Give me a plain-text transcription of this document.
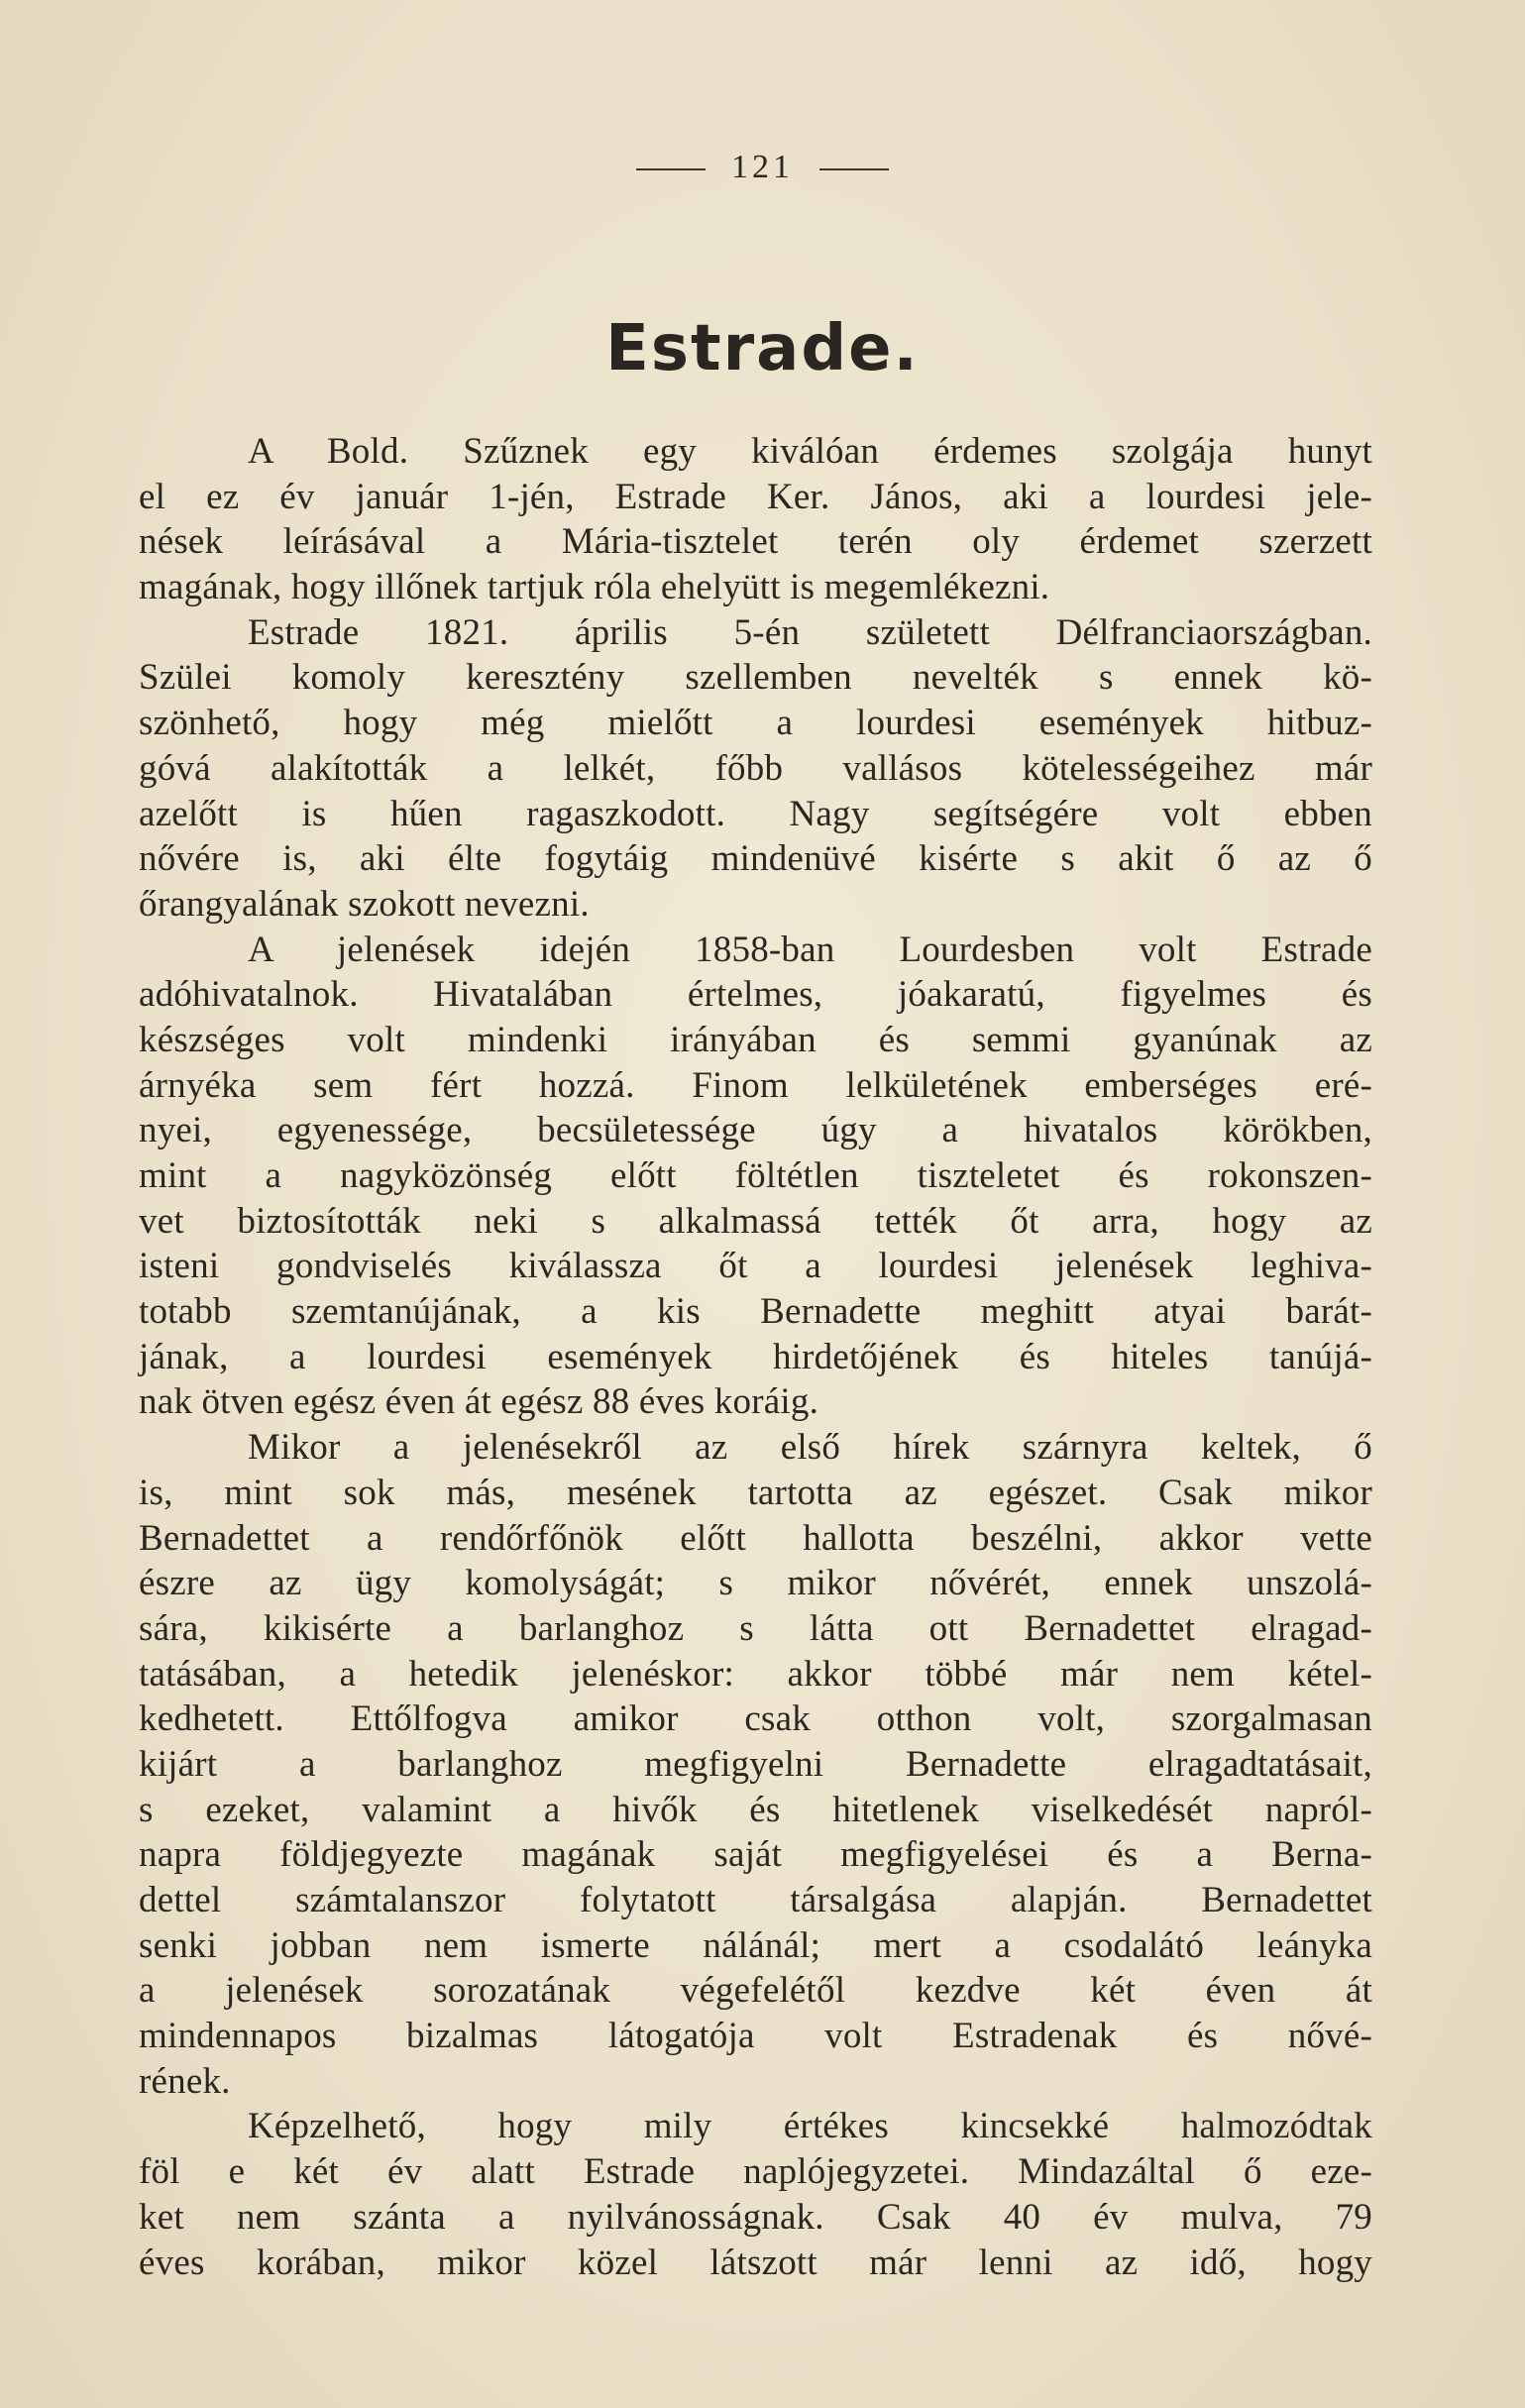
121
Estrade.
A Bold. Szűznek egy kiválóan érdemes szolgája hunyt
el ez év január 1-jén, Estrade Ker. János, aki a lourdesi jele-
nések leírásával a Mária-tisztelet terén oly érdemet szerzett
magának, hogy illőnek tartjuk róla ehelyütt is megemlékezni.
Estrade 1821. április 5-én született Délfranciaországban.
Szülei komoly keresztény szellemben nevelték s ennek kö-
szönhető, hogy még mielőtt a lourdesi események hitbuz-
góvá alakították a lelkét, főbb vallásos kötelességeihez már
azelőtt is hűen ragaszkodott. Nagy segítségére volt ebben
nővére is, aki élte fogytáig mindenüvé kisérte s akit ő az ő
őrangyalának szokott nevezni.
A jelenések idején 1858-ban Lourdesben volt Estrade
adóhivatalnok. Hivatalában értelmes, jóakaratú, figyelmes és
készséges volt mindenki irányában és semmi gyanúnak az
árnyéka sem fért hozzá. Finom lelkületének emberséges eré-
nyei, egyenessége, becsületessége úgy a hivatalos körökben,
mint a nagyközönség előtt föltétlen tiszteletet és rokonszen-
vet biztosították neki s alkalmassá tették őt arra, hogy az
isteni gondviselés kiválassza őt a lourdesi jelenések leghiva-
totabb szemtanújának, a kis Bernadette meghitt atyai barát-
jának, a lourdesi események hirdetőjének és hiteles tanújá-
nak ötven egész éven át egész 88 éves koráig.
Mikor a jelenésekről az első hírek szárnyra keltek, ő
is, mint sok más, mesének tartotta az egészet. Csak mikor
Bernadettet a rendőrfőnök előtt hallotta beszélni, akkor vette
észre az ügy komolyságát; s mikor nővérét, ennek unszolá-
sára, kikisérte a barlanghoz s látta ott Bernadettet elragad-
tatásában, a hetedik jelenéskor: akkor többé már nem kétel-
kedhetett. Ettőlfogva amikor csak otthon volt, szorgalmasan
kijárt a barlanghoz megfigyelni Bernadette elragadtatásait,
s ezeket, valamint a hivők és hitetlenek viselkedését napról-
napra földjegyezte magának saját megfigyelései és a Berna-
dettel számtalanszor folytatott társalgása alapján. Bernadettet
senki jobban nem ismerte nálánál; mert a csodalátó leányka
a jelenések sorozatának végefelétől kezdve két éven át
mindennapos bizalmas látogatója volt Estradenak és nővé-
rének.
Képzelhető, hogy mily értékes kincsekké halmozódtak
föl e két év alatt Estrade naplójegyzetei. Mindazáltal ő eze-
ket nem szánta a nyilvánosságnak. Csak 40 év mulva, 79
éves korában, mikor közel látszott már lenni az idő, hogy
